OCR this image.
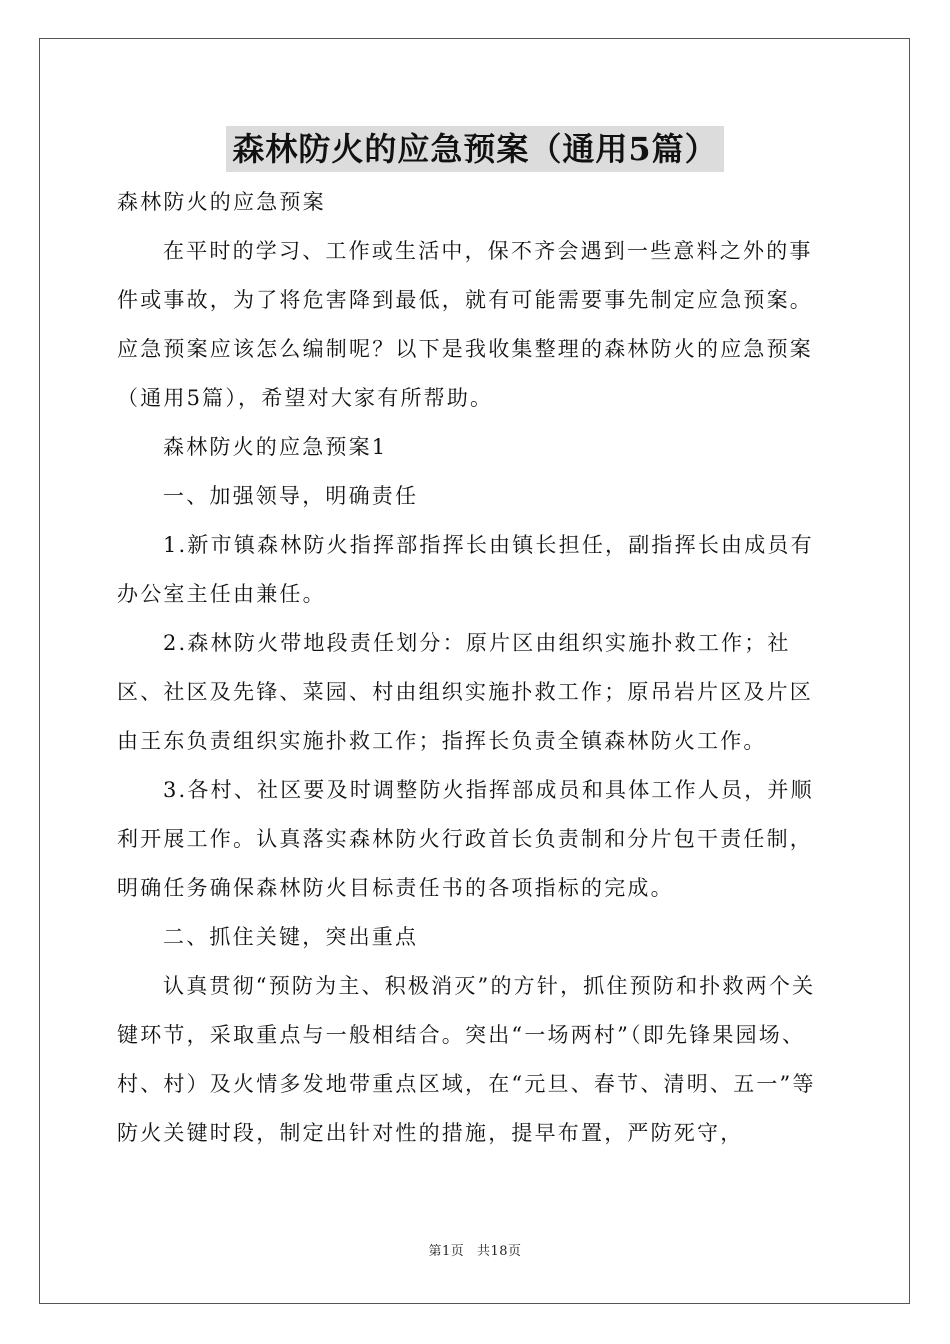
森林防火的应急预案（通用5篇）

森林防火的应急预案

在平时的学习、工作或生活中，保不齐会遇到一些意料之外的事件或事故，为了将危害降到最低，就有可能需要事先制定应急预案。应急预案应该怎么编制呢？以下是我收集整理的森林防火的应急预案（通用5篇），希望对大家有所帮助。

森林防火的应急预案1

一、加强领导，明确责任

1.新市镇森林防火指挥部指挥长由镇长担任，副指挥长由成员有办公室主任由兼任。

2.森林防火带地段责任划分：原片区由组织实施扑救工作；社区、社区及先锋、菜园、村由组织实施扑救工作；原吊岩片区及片区由王东负责组织实施扑救工作；指挥长负责全镇森林防火工作。

3.各村、社区要及时调整防火指挥部成员和具体工作人员，并顺利开展工作。认真落实森林防火行政首长负责制和分片包干责任制，明确任务确保森林防火目标责任书的各项指标的完成。

二、抓住关键，突出重点

认真贯彻“预防为主、积极消灭”的方针，抓住预防和扑救两个关键环节，采取重点与一般相结合。突出“一场两村”（即先锋果园场、村、村）及火情多发地带重点区域，在“元旦、春节、清明、五一”等防火关键时段，制定出针对性的措施，提早布置，严防死守，

第1页 共18页
